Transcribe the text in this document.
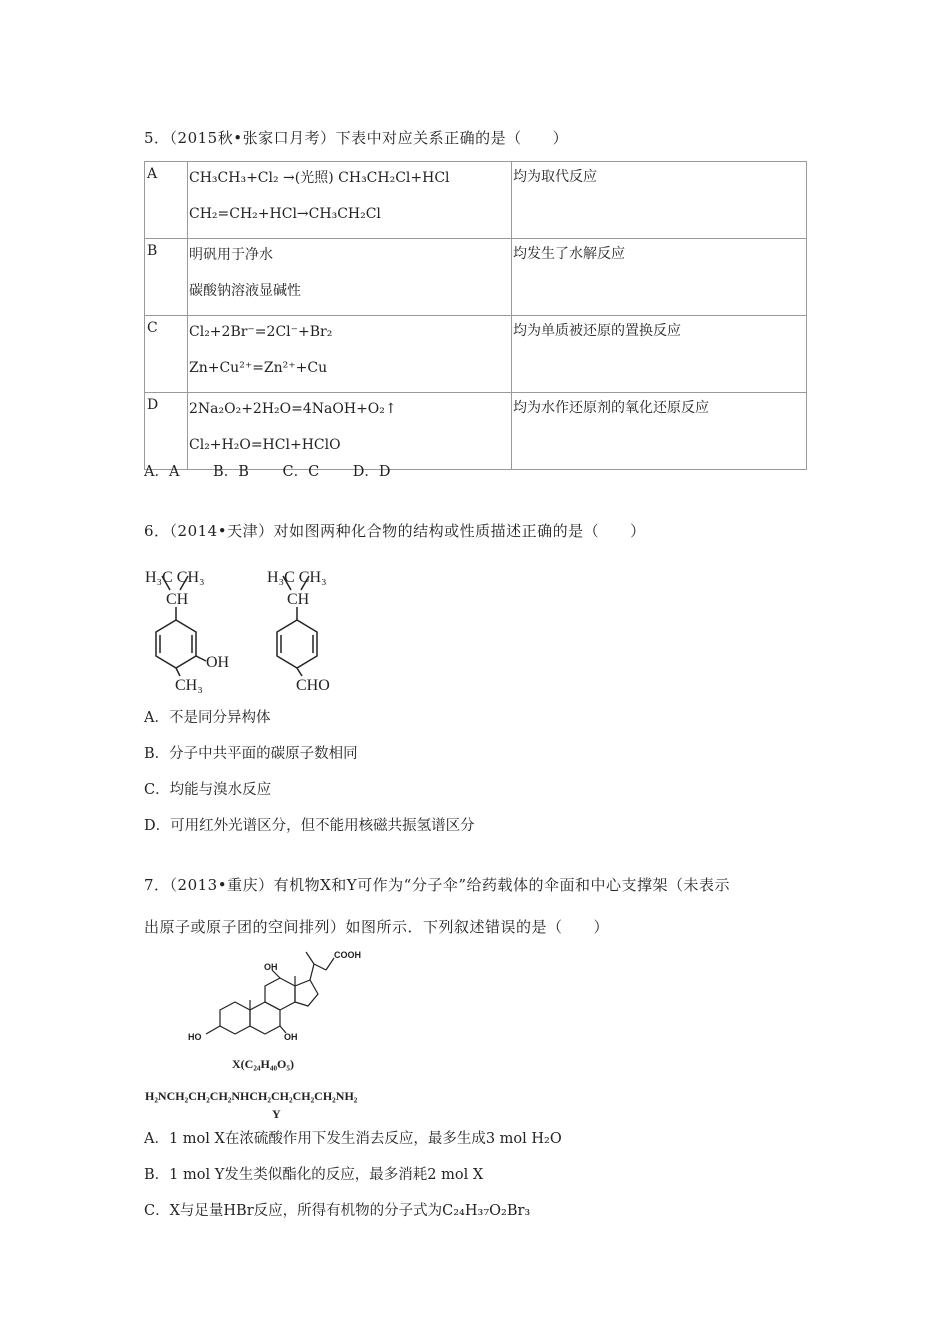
5．（2015秋•张家口月考）下表中对应关系正确的是（　　）
A	CH₃CH₃+Cl₂ →(光照) CH₃CH₂Cl+HCl
CH₂=CH₂+HCl→CH₃CH₂Cl	均为取代反应
B	明矾用于净水
碳酸钠溶液显碱性	均发生了水解反应
C	Cl₂+2Br⁻=2Cl⁻+Br₂
Zn+Cu²⁺=Zn²⁺+Cu	均为单质被还原的置换反应
D	2Na₂O₂+2H₂O=4NaOH+O₂↑
Cl₂+H₂O=HCl+HClO	均为水作还原剂的氧化还原反应
A．A　　 B．B　　 C．C　　 D．D
6．（2014•天津）对如图两种化合物的结构或性质描述正确的是（　　）
H₃C CH₃
CH
OH
CH₃
H₃C CH₃
CH
CHO
A．不是同分异构体
B．分子中共平面的碳原子数相同
C．均能与溴水反应
D．可用红外光谱区分，但不能用核磁共振氢谱区分
7．（2013•重庆）有机物X和Y可作为“分子伞”给药载体的伞面和中心支撑架（未表示
出原子或原子团的空间排列）如图所示．下列叙述错误的是（　　）
COOH
OH
HO	OH
X(C₂₄H₄₀O₅)
H₂NCH₂CH₂CH₂NHCH₂CH₂CH₂CH₂NH₂
Y
A．1 mol X在浓硫酸作用下发生消去反应，最多生成3 mol H₂O
B．1 mol Y发生类似酯化的反应，最多消耗2 mol X
C．X与足量HBr反应，所得有机物的分子式为C₂₄H₃₇O₂Br₃
